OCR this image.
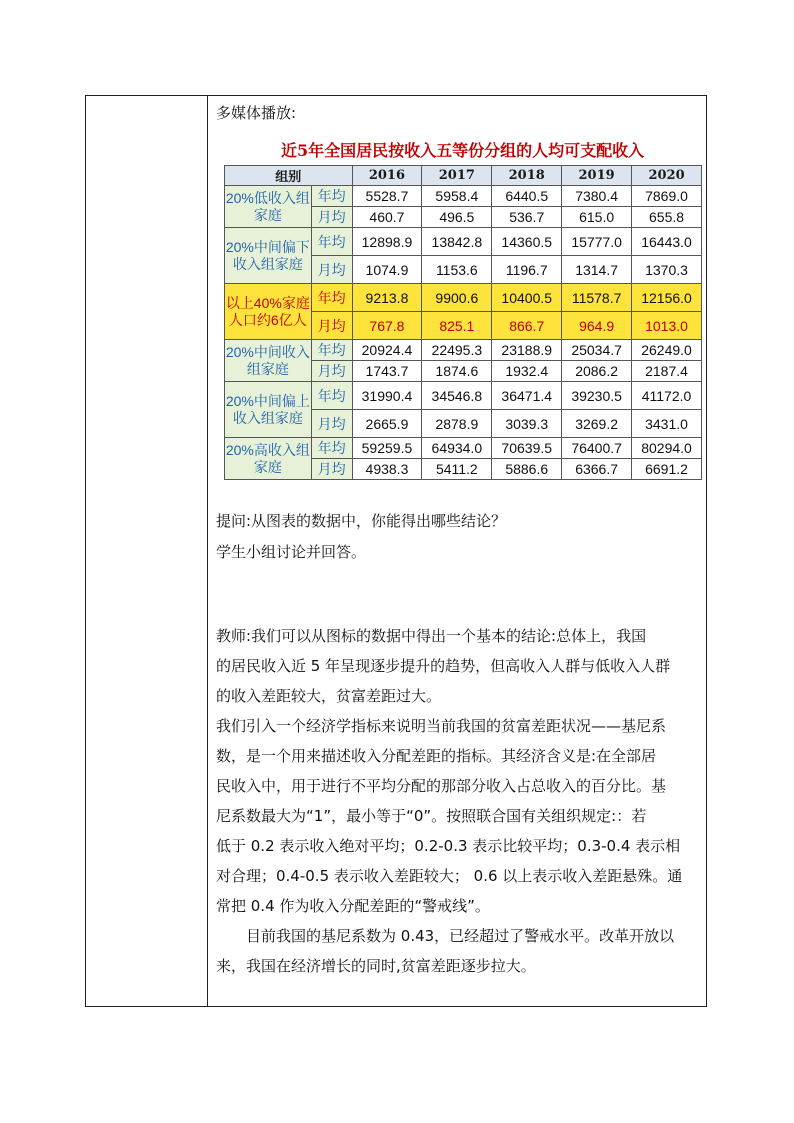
多媒体播放:
近5年全国居民按收入五等份分组的人均可支配收入
组别		2016	2017	2018	2019	2020
20%低收入组家庭	年均	5528.7	5958.4	6440.5	7380.4	7869.0
	月均	460.7	496.5	536.7	615.0	655.8
20%中间偏下收入组家庭	年均	12898.9	13842.8	14360.5	15777.0	16443.0
	月均	1074.9	1153.6	1196.7	1314.7	1370.3
以上40%家庭人口约6亿人	年均	9213.8	9900.6	10400.5	11578.7	12156.0
	月均	767.8	825.1	866.7	964.9	1013.0
20%中间收入组家庭	年均	20924.4	22495.3	23188.9	25034.7	26249.0
	月均	1743.7	1874.6	1932.4	2086.2	2187.4
20%中间偏上收入组家庭	年均	31990.4	34546.8	36471.4	39230.5	41172.0
	月均	2665.9	2878.9	3039.3	3269.2	3431.0
20%高收入组家庭	年均	59259.5	64934.0	70639.5	76400.7	80294.0
	月均	4938.3	5411.2	5886.6	6366.7	6691.2
提问:从图表的数据中，你能得出哪些结论？
学生小组讨论并回答。
教师:我们可以从图标的数据中得出一个基本的结论:总体上，我国
的居民收入近 5 年呈现逐步提升的趋势，但高收入人群与低收入人群
的收入差距较大，贫富差距过大。
我们引入一个经济学指标来说明当前我国的贫富差距状况——基尼系
数，是一个用来描述收入分配差距的指标。其经济含义是:在全部居
民收入中，用于进行不平均分配的那部分收入占总收入的百分比。基
尼系数最大为“1”，最小等于“0”。按照联合国有关组织规定:：若
低于 0.2 表示收入绝对平均；0.2-0.3 表示比较平均；0.3-0.4 表示相
对合理；0.4-0.5 表示收入差距较大； 0.6 以上表示收入差距悬殊。通
常把 0.4 作为收入分配差距的“警戒线”。
目前我国的基尼系数为 0.43，已经超过了警戒水平。改革开放以
来，我国在经济增长的同时,贫富差距逐步拉大。
